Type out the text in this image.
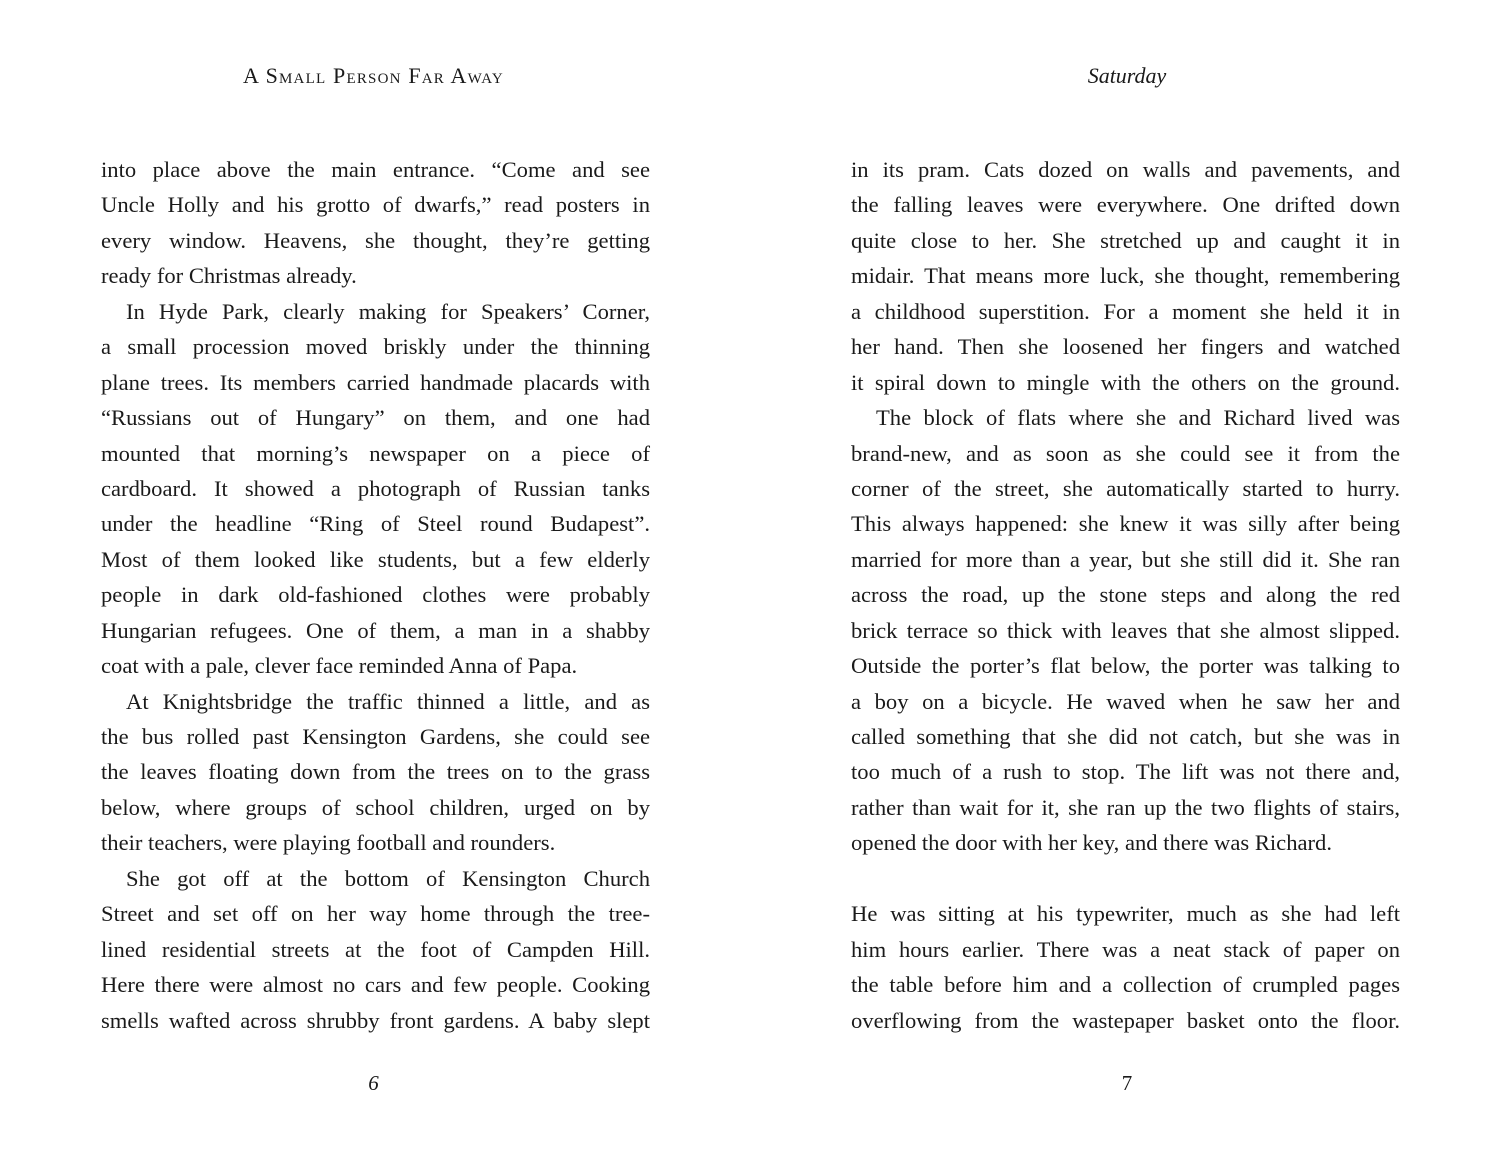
A Small Person Far Away
into place above the main entrance. “Come and see
Uncle Holly and his grotto of dwarfs,” read posters in
every window. Heavens, she thought, they’re getting
ready for Christmas already.
In Hyde Park, clearly making for Speakers’ Corner,
a small procession moved briskly under the thinning
plane trees. Its members carried handmade placards with
“Russians out of Hungary” on them, and one had
mounted that morning’s newspaper on a piece of
cardboard. It showed a photograph of Russian tanks
under the headline “Ring of Steel round Budapest”.
Most of them looked like students, but a few elderly
people in dark old-fashioned clothes were probably
Hungarian refugees. One of them, a man in a shabby
coat with a pale, clever face reminded Anna of Papa.
At Knightsbridge the traffic thinned a little, and as
the bus rolled past Kensington Gardens, she could see
the leaves floating down from the trees on to the grass
below, where groups of school children, urged on by
their teachers, were playing football and rounders.
She got off at the bottom of Kensington Church
Street and set off on her way home through the tree-
lined residential streets at the foot of Campden Hill.
Here there were almost no cars and few people. Cooking
smells wafted across shrubby front gardens. A baby slept
6
Saturday
in its pram. Cats dozed on walls and pavements, and
the falling leaves were everywhere. One drifted down
quite close to her. She stretched up and caught it in
midair. That means more luck, she thought, remembering
a childhood superstition. For a moment she held it in
her hand. Then she loosened her fingers and watched
it spiral down to mingle with the others on the ground.
The block of flats where she and Richard lived was
brand-new, and as soon as she could see it from the
corner of the street, she automatically started to hurry.
This always happened: she knew it was silly after being
married for more than a year, but she still did it. She ran
across the road, up the stone steps and along the red
brick terrace so thick with leaves that she almost slipped.
Outside the porter’s flat below, the porter was talking to
a boy on a bicycle. He waved when he saw her and
called something that she did not catch, but she was in
too much of a rush to stop. The lift was not there and,
rather than wait for it, she ran up the two flights of stairs,
opened the door with her key, and there was Richard.
He was sitting at his typewriter, much as she had left
him hours earlier. There was a neat stack of paper on
the table before him and a collection of crumpled pages
overflowing from the wastepaper basket onto the floor.
7
